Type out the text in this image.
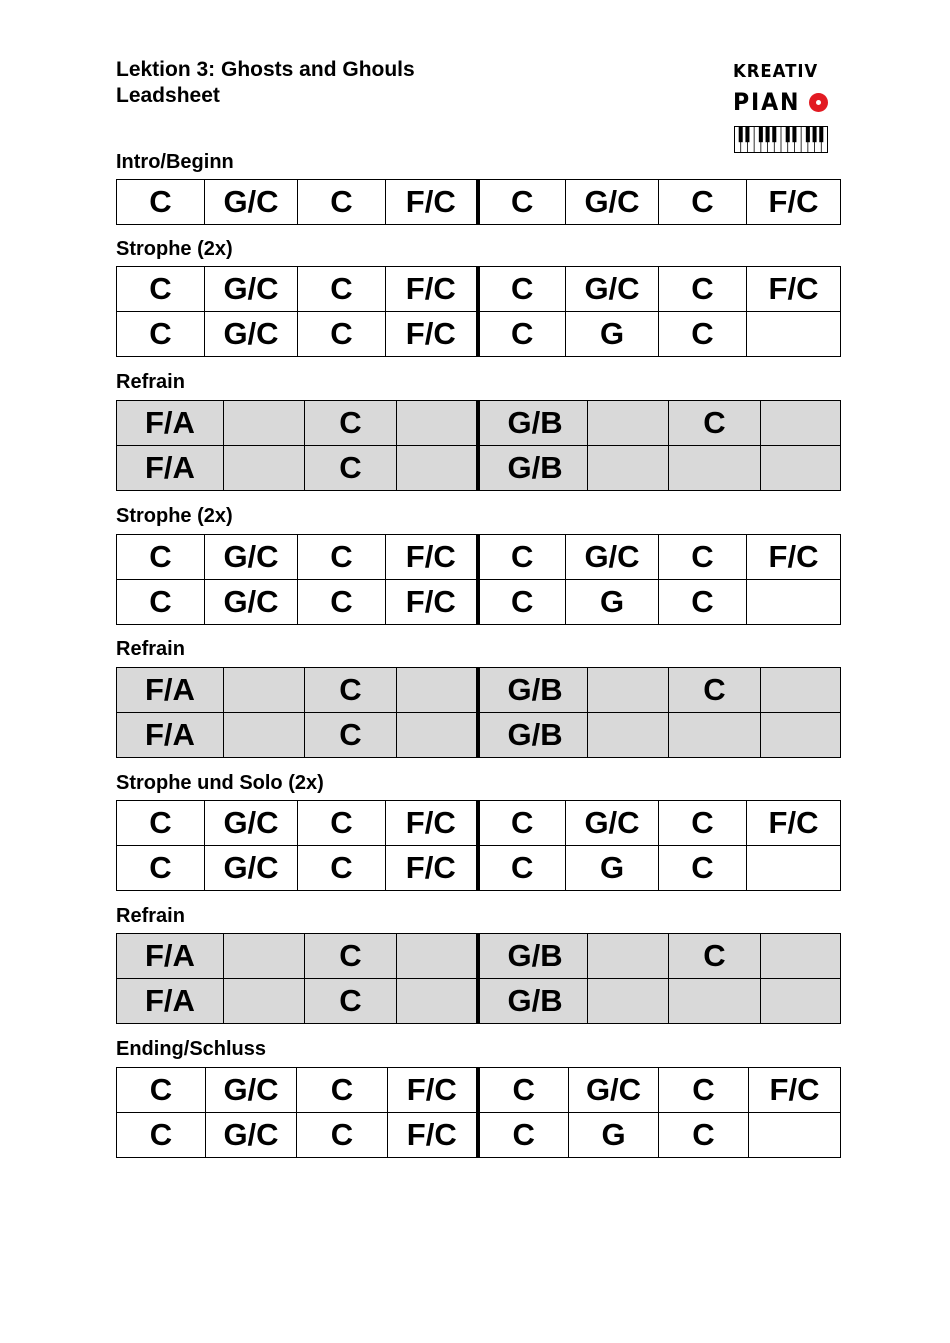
Lektion 3: Ghosts and Ghouls
Leadsheet
KREATIV
PIAN
Intro/Beginn
C	G/C	C	F/C	C	G/C	C	F/C
Strophe (2x)
C	G/C	C	F/C	C	G/C	C	F/C
C	G/C	C	F/C	C	G	C	
Refrain
F/A		C		G/B		C	
F/A		C		G/B			
Strophe (2x)
C	G/C	C	F/C	C	G/C	C	F/C
C	G/C	C	F/C	C	G	C	
Refrain
F/A		C		G/B		C	
F/A		C		G/B			
Strophe und Solo (2x)
C	G/C	C	F/C	C	G/C	C	F/C
C	G/C	C	F/C	C	G	C	
Refrain
F/A		C		G/B		C	
F/A		C		G/B			
Ending/Schluss
C	G/C	C	F/C	C	G/C	C	F/C
C	G/C	C	F/C	C	G	C	
